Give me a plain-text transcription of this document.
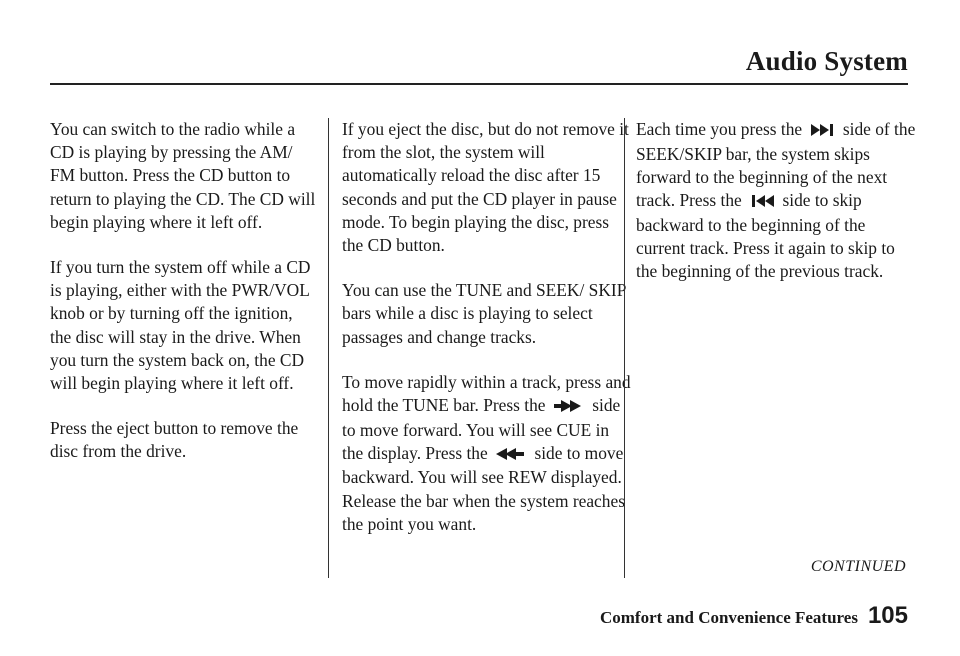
Audio System

You can switch to the radio while a CD is playing by pressing the AM/ FM button. Press the CD button to return to playing the CD. The CD will begin playing where it left off.

If you turn the system off while a CD is playing, either with the PWR/VOL knob or by turning off the ignition, the disc will stay in the drive. When you turn the system back on, the CD will begin playing where it left off.

Press the eject button to remove the disc from the drive.

If you eject the disc, but do not remove it from the slot, the system will automatically reload the disc after 15 seconds and put the CD player in pause mode. To begin playing the disc, press the CD button.

You can use the TUNE and SEEK/ SKIP bars while a disc is playing to select passages and change tracks.

To move rapidly within a track, press and hold the TUNE bar. Press the	side to move forward. You will see CUE in the display. Press the	side to move backward. You will see REW displayed. Release the bar when the system reaches the point you want.

Each time you press the side of the SEEK/SKIP bar, the system skips forward to the beginning of the next track. Press the side to skip backward to the beginning of the current track. Press it again to skip to the beginning of the previous track.

CONTINUED
Comfort and Convenience Features 105
